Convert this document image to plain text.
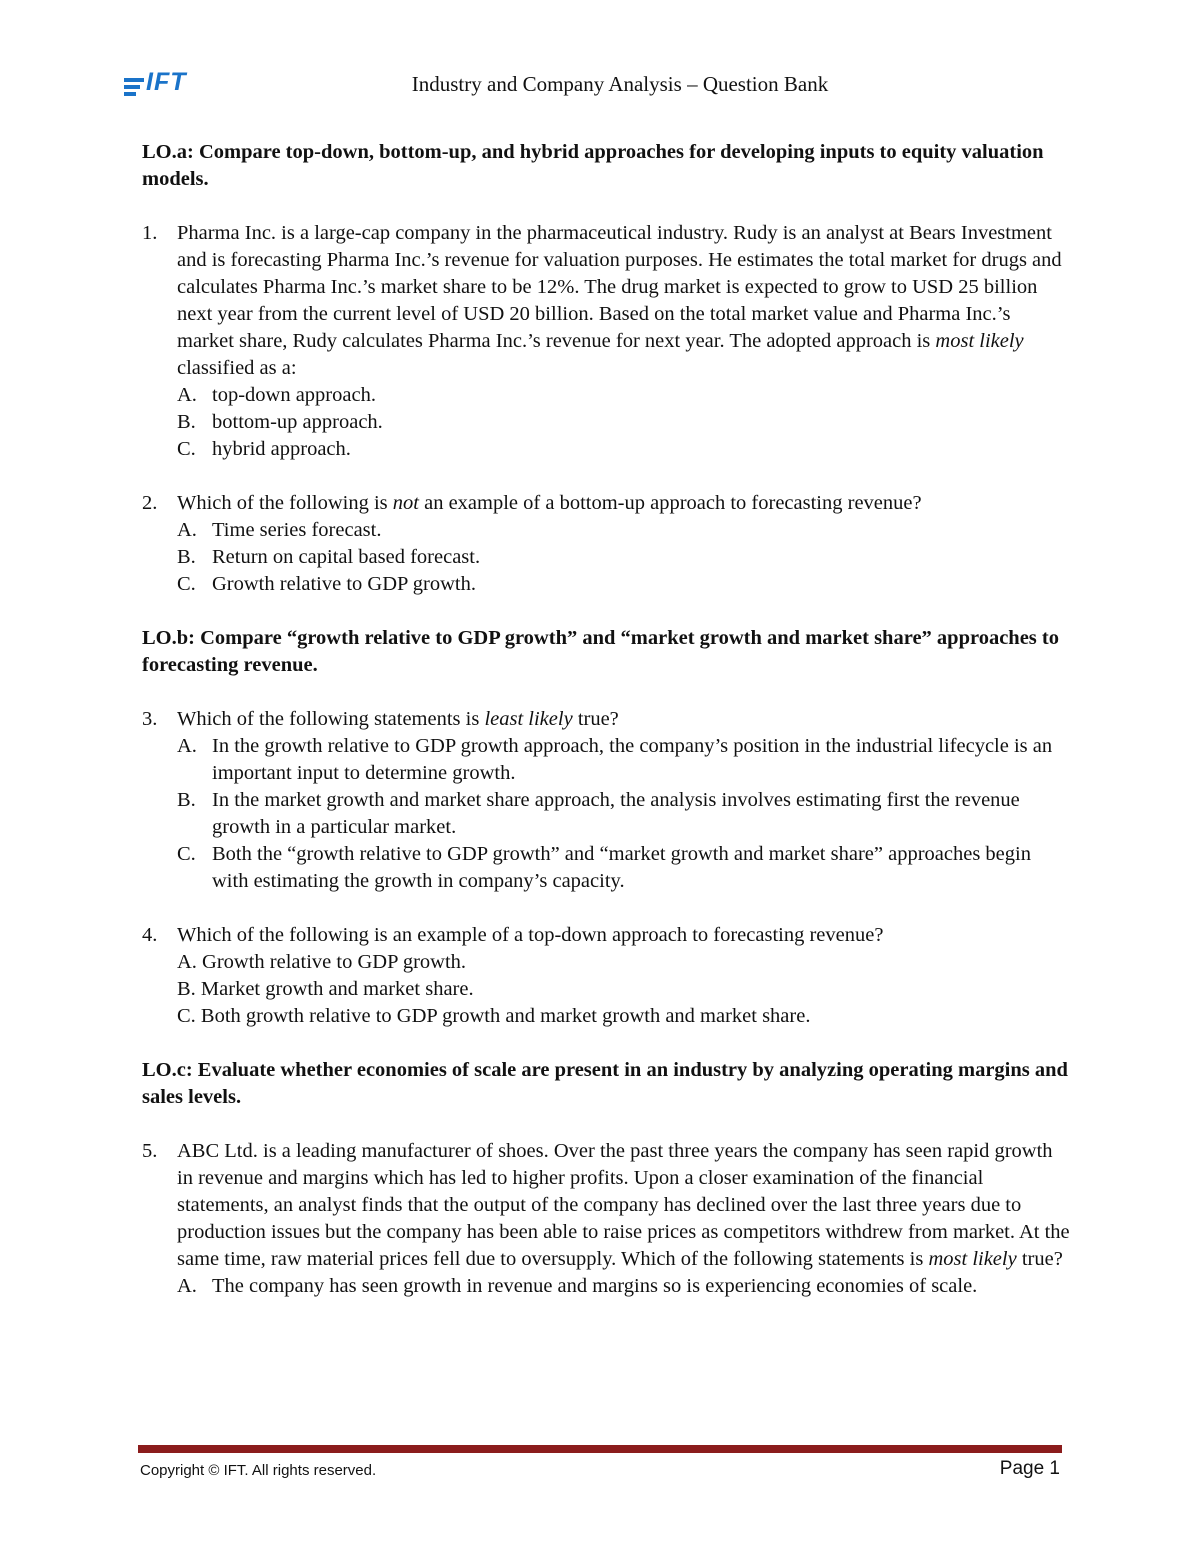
IFT	Industry and Company Analysis – Question Bank
LO.a: Compare top-down, bottom-up, and hybrid approaches for developing inputs to equity valuation models.
1. Pharma Inc. is a large-cap company in the pharmaceutical industry. Rudy is an analyst at Bears Investment and is forecasting Pharma Inc.’s revenue for valuation purposes. He estimates the total market for drugs and calculates Pharma Inc.’s market share to be 12%. The drug market is expected to grow to USD 25 billion next year from the current level of USD 20 billion. Based on the total market value and Pharma Inc.’s market share, Rudy calculates Pharma Inc.’s revenue for next year. The adopted approach is most likely classified as a:
A. top-down approach.
B. bottom-up approach.
C. hybrid approach.
2. Which of the following is not an example of a bottom-up approach to forecasting revenue?
A. Time series forecast.
B. Return on capital based forecast.
C. Growth relative to GDP growth.
LO.b: Compare “growth relative to GDP growth” and “market growth and market share” approaches to forecasting revenue.
3. Which of the following statements is least likely true?
A. In the growth relative to GDP growth approach, the company’s position in the industrial lifecycle is an important input to determine growth.
B. In the market growth and market share approach, the analysis involves estimating first the revenue growth in a particular market.
C. Both the “growth relative to GDP growth” and “market growth and market share” approaches begin with estimating the growth in company’s capacity.
4. Which of the following is an example of a top-down approach to forecasting revenue?
A. Growth relative to GDP growth.
B. Market growth and market share.
C. Both growth relative to GDP growth and market growth and market share.
LO.c: Evaluate whether economies of scale are present in an industry by analyzing operating margins and sales levels.
5. ABC Ltd. is a leading manufacturer of shoes. Over the past three years the company has seen rapid growth in revenue and margins which has led to higher profits. Upon a closer examination of the financial statements, an analyst finds that the output of the company has declined over the last three years due to production issues but the company has been able to raise prices as competitors withdrew from market. At the same time, raw material prices fell due to oversupply. Which of the following statements is most likely true?
A. The company has seen growth in revenue and margins so is experiencing economies of scale.
Copyright © IFT. All rights reserved.	Page 1
